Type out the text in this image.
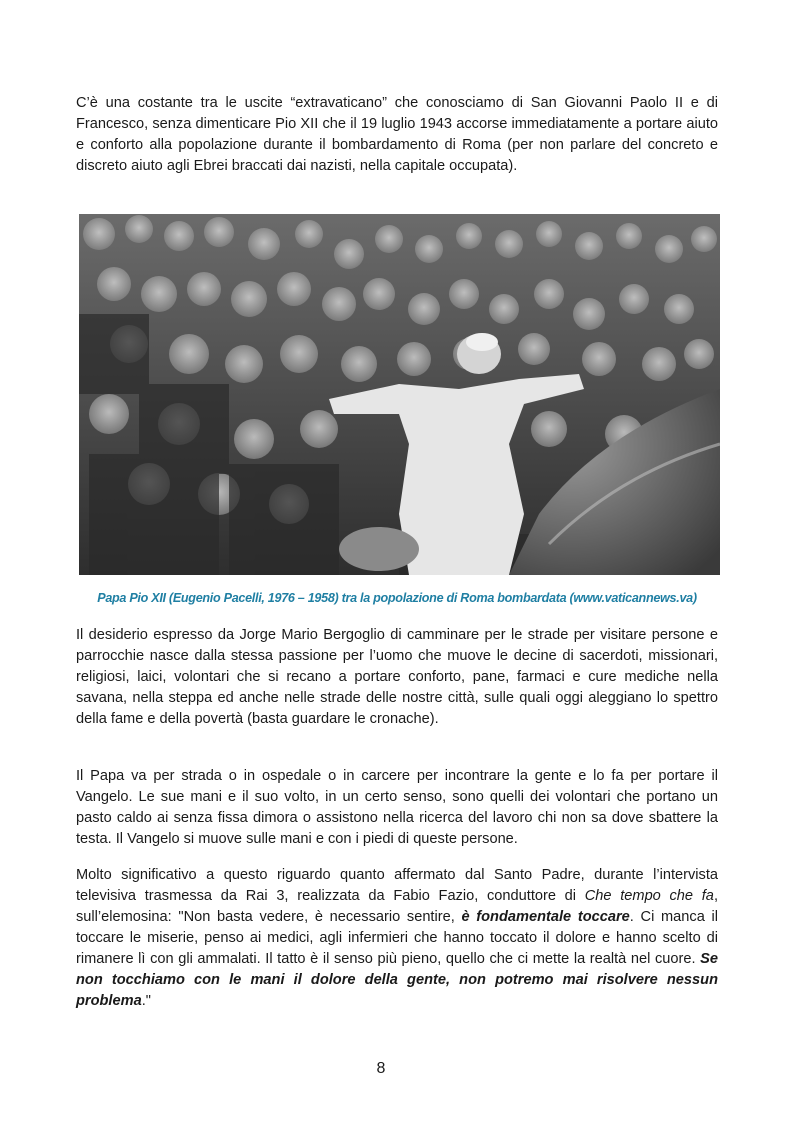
C’è una costante tra le uscite “extravaticano” che conosciamo di San Giovanni Paolo II e di Francesco, senza dimenticare Pio XII che il 19 luglio 1943 accorse immediatamente a portare aiuto e conforto alla popolazione durante il bombardamento di Roma (per non parlare del concreto e discreto aiuto agli Ebrei braccati dai nazisti, nella capitale occupata).

Papa Pio XII (Eugenio Pacelli, 1976 – 1958) tra la popolazione di Roma bombardata (www.vaticannews.va)

Il desiderio espresso da Jorge Mario Bergoglio di camminare per le strade per visitare persone e parrocchie nasce dalla stessa passione per l’uomo che muove le decine di sacerdoti, missionari, religiosi, laici, volontari che si recano a portare conforto, pane, farmaci e cure mediche nella savana, nella steppa ed anche nelle strade delle nostre città, sulle quali oggi aleggiano lo spettro della fame e della povertà (basta guardare le cronache).

Il Papa va per strada o in ospedale o in carcere per incontrare la gente e lo fa per portare il Vangelo. Le sue mani e il suo volto, in un certo senso, sono quelli dei volontari che portano un pasto caldo ai senza fissa dimora o assistono nella ricerca del lavoro chi non sa dove sbattere la testa. Il Vangelo si muove sulle mani e con i piedi di queste persone.

Molto significativo a questo riguardo quanto affermato dal Santo Padre, durante l’intervista televisiva trasmessa da Rai 3, realizzata da Fabio Fazio, conduttore di Che tempo che fa, sull’elemosina: "Non basta vedere, è necessario sentire, è fondamentale toccare. Ci manca il toccare le miserie, penso ai medici, agli infermieri che hanno toccato il dolore e hanno scelto di rimanere lì con gli ammalati. Il tatto è il senso più pieno, quello che ci mette la realtà nel cuore. Se non tocchiamo con le mani il dolore della gente, non potremo mai risolvere nessun problema."

8
